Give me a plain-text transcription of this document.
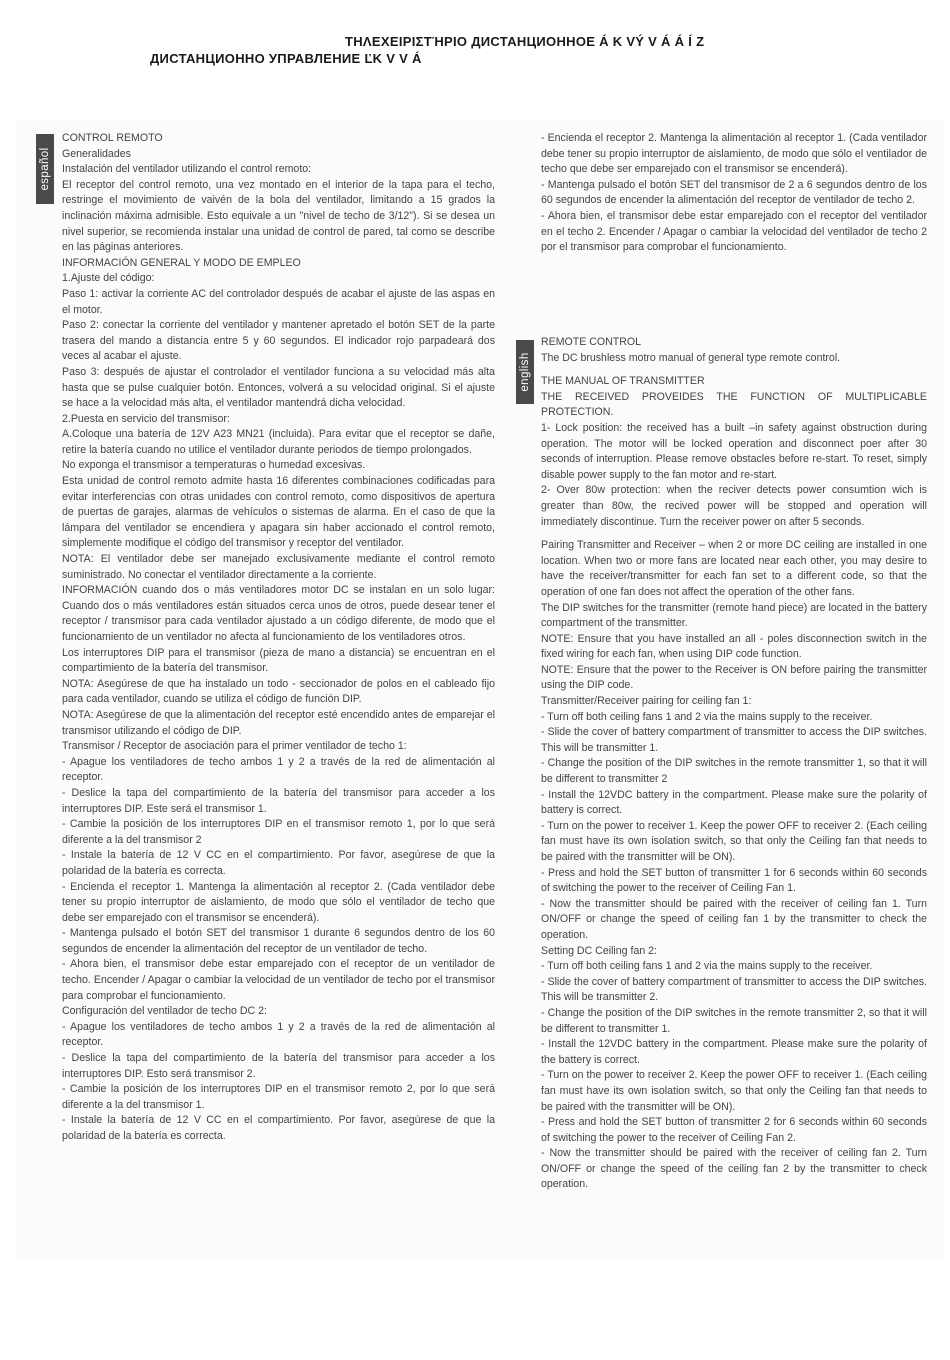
ΤΗΛΕΧΕΙΡΙΣΤΉΡΙΟ ДИСТАНЦИОННОЕ Á K VÝ V Á Á Í Z
ДИСТАНЦИОННО УПРАВЛЕНИЕ ĽK V V Á
español
english

CONTROL REMOTO

Generalidades

Instalación del ventilador utilizando el control remoto:

El receptor del control remoto, una vez montado en el interior de la tapa para el techo, restringe el movimiento de vaivén de la bola del ventilador, limitando a 15 grados la inclinación máxima admisible. Esto equivale a un "nivel de techo de 3/12"). Si se desea un nivel superior, se recomienda instalar una unidad de control de pared, tal como se describe en las páginas anteriores.

INFORMACIÓN GENERAL Y MODO DE EMPLEO

1.Ajuste del código:

Paso 1: activar la corriente AC del controlador después de acabar el ajuste de las aspas en el motor.

Paso 2: conectar la corriente del ventilador y mantener apretado el botón SET de la parte trasera del mando a distancia entre 5 y 60 segundos. El indicador rojo parpadeará dos veces al acabar el ajuste.

Paso 3: después de ajustar el controlador el ventilador funciona a su velocidad más alta hasta que se pulse cualquier botón. Entonces, volverá a su velocidad original. Si el ajuste se hace a la velocidad más alta, el ventilador mantendrá dicha velocidad.

2.Puesta en servicio del transmisor:

A.Coloque una batería de 12V A23 MN21 (incluida). Para evitar que el receptor se dañe, retire la batería cuando no utilice el ventilador durante periodos de tiempo prolongados.

No exponga el transmisor a temperaturas o humedad excesivas.

Esta unidad de control remoto admite hasta 16 diferentes combinaciones codificadas para evitar interferencias con otras unidades con control remoto, como dispositivos de apertura de puertas de garajes, alarmas de vehículos o sistemas de alarma. En el caso de que la lámpara del ventilador se encendiera y apagara sin haber accionado el control remoto, simplemente modifique el código del transmisor y receptor del ventilador.

NOTA: El ventilador debe ser manejado exclusivamente mediante el control remoto suministrado. No conectar el ventilador directamente a la corriente.

INFORMACIÓN cuando dos o más ventiladores motor DC se instalan en un solo lugar: Cuando dos o más ventiladores están situados cerca unos de otros, puede desear tener el receptor / transmisor para cada ventilador ajustado a un código diferente, de modo que el funcionamiento de un ventilador no afecta al funcionamiento de los ventiladores otros.

Los interruptores DIP para el transmisor (pieza de mano a distancia) se encuentran en el compartimiento de la batería del transmisor.

NOTA: Asegúrese de que ha instalado un todo - seccionador de polos en el cableado fijo para cada ventilador, cuando se utiliza el código de función DIP.

NOTA: Asegúrese de que la alimentación del receptor esté encendido antes de emparejar el transmisor utilizando el código de DIP.

Transmisor / Receptor de asociación para el primer ventilador de techo 1:

- Apague los ventiladores de techo ambos 1 y 2 a través de la red de alimentación al receptor.

- Deslice la tapa del compartimiento de la batería del transmisor para acceder a los interruptores DIP. Este será el transmisor 1.

- Cambie la posición de los interruptores DIP en el transmisor remoto 1, por lo que será diferente a la del transmisor 2

- Instale la batería de 12 V CC en el compartimiento. Por favor, asegúrese de que la polaridad de la batería es correcta.

- Encienda el receptor 1. Mantenga la alimentación al receptor 2. (Cada ventilador debe tener su propio interruptor de aislamiento, de modo que sólo el ventilador de techo que debe ser emparejado con el transmisor se encenderá).

- Mantenga pulsado el botón SET del transmisor 1 durante 6 segundos dentro de los 60 segundos de encender la alimentación del receptor de un ventilador de techo.

- Ahora bien, el transmisor debe estar emparejado con el receptor de un ventilador de techo. Encender / Apagar o cambiar la velocidad de un ventilador de techo por el transmisor para comprobar el funcionamiento.

Configuración del ventilador de techo DC 2:

- Apague los ventiladores de techo ambos 1 y 2 a través de la red de alimentación al receptor.

- Deslice la tapa del compartimiento de la batería del transmisor para acceder a los interruptores DIP. Esto será transmisor 2.

- Cambie la posición de los interruptores DIP en el transmisor remoto 2, por lo que será diferente a la del transmisor 1.

- Instale la batería de 12 V CC en el compartimiento. Por favor, asegúrese de que la polaridad de la batería es correcta.

- Encienda el receptor 2. Mantenga la alimentación al receptor 1. (Cada ventilador debe tener su propio interruptor de aislamiento, de modo que sólo el ventilador de techo que debe ser emparejado con el transmisor se encenderá).

- Mantenga pulsado el botón SET del transmisor de 2 a 6 segundos dentro de los 60 segundos de encender la alimentación del receptor de ventilador de techo 2.

- Ahora bien, el transmisor debe estar emparejado con el receptor del ventilador en el techo 2. Encender / Apagar o cambiar la velocidad del ventilador de techo 2 por el transmisor para comprobar el funcionamiento.

REMOTE CONTROL

The DC brushless motro manual of general type remote control.

THE MANUAL OF TRANSMITTER

THE RECEIVED PROVEIDES THE FUNCTION OF MULTIPLICABLE PROTECTION.

1- Lock position: the received has a built –in safety against obstruction during operation. The motor will be locked operation and disconnect poer after 30 seconds of interruption. Please remove obstacles before re-start. To reset, simply disable power supply to the fan motor and re-start.

2- Over 80w protection: when the reciver detects power consumtion wich is greater than 80w, the recived power will be stopped and operation will immediately discontinue. Turn the receiver power on after 5 seconds.

Pairing Transmitter and Receiver – when 2 or more DC ceiling are installed in one location. When two or more fans are located near each other, you may desire to have the receiver/transmitter for each fan set to a different code, so that the operation of one fan does not affect the operation of the other fans.

The DIP switches for the transmitter (remote hand piece) are located in the battery compartment of the transmitter.

NOTE: Ensure that you have installed an all - poles disconnection switch in the fixed wiring for each fan, when using DIP code function.

NOTE: Ensure that the power to the Receiver is ON before pairing the transmitter using the DIP code.

Transmitter/Receiver pairing for ceiling fan 1:

- Turn off both ceiling fans 1 and 2 via the mains supply to the receiver.

- Slide the cover of battery compartment of transmitter to access the DIP switches. This will be transmitter 1.

- Change the position of the DIP switches in the remote transmitter 1, so that it will be different to transmitter 2

- Install the 12VDC battery in the compartment. Please make sure the polarity of battery is correct.

- Turn on the power to receiver 1. Keep the power OFF to receiver 2. (Each ceiling fan must have its own isolation switch, so that only the Ceiling fan that needs to be paired with the transmitter will be ON).

- Press and hold the SET button of transmitter 1 for 6 seconds within 60 seconds of switching the power to the receiver of Ceiling Fan 1.

- Now the transmitter should be paired with the receiver of ceiling fan 1. Turn ON/OFF or change the speed of ceiling fan 1 by the transmitter to check the operation.

Setting DC Ceiling fan 2:

- Turn off both ceiling fans 1 and 2 via the mains supply to the receiver.

- Slide the cover of battery compartment of transmitter to access the DIP switches. This will be transmitter 2.

- Change the position of the DIP switches in the remote transmitter 2, so that it will be different to transmitter 1.

- Install the 12VDC battery in the compartment. Please make sure the polarity of the battery is correct.

- Turn on the power to receiver 2. Keep the power OFF to receiver 1. (Each ceiling fan must have its own isolation switch, so that only the Ceiling fan that needs to be paired with the transmitter will be ON).

- Press and hold the SET button of transmitter 2 for 6 seconds within 60 seconds of switching the power to the receiver of Ceiling Fan 2.

- Now the transmitter should be paired with the receiver of ceiling fan 2. Turn ON/OFF or change the speed of the ceiling fan 2 by the transmitter to check operation.
